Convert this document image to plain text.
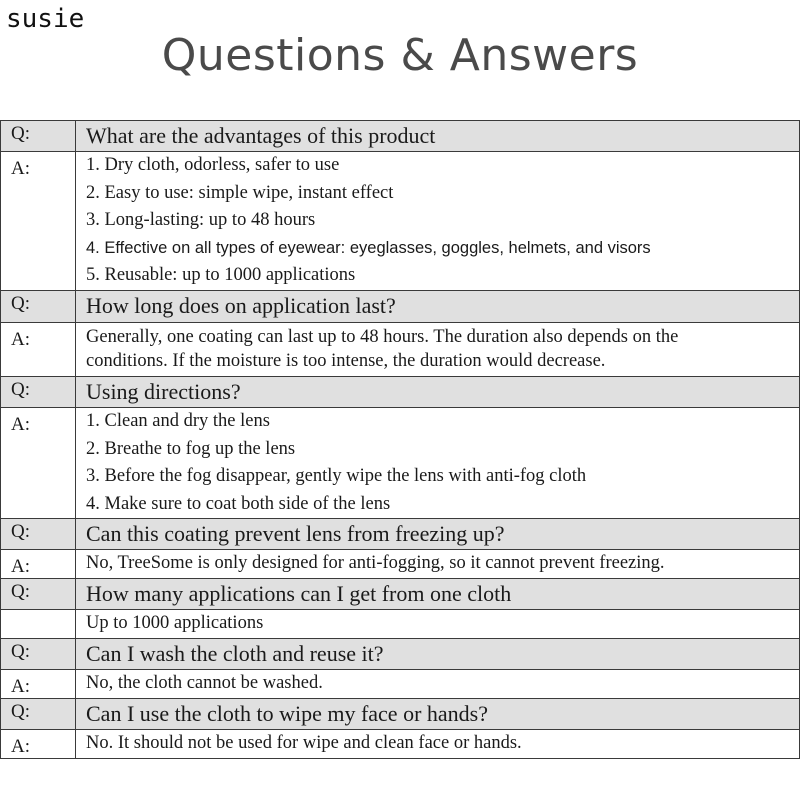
susie
Questions & Answers
Q:	What are the advantages of this product
A:	1. Dry cloth, odorless, safer to use
2. Easy to use: simple wipe, instant effect
3. Long-lasting: up to 48 hours
4. Effective on all types of eyewear: eyeglasses, goggles, helmets, and visors
5. Reusable: up to 1000 applications

Q:	How long does on application last?
A:	Generally, one coating can last up to 48 hours. The duration also depends on the
conditions. If the moisture is too intense, the duration would decrease.

Q:	Using directions?
A:	1. Clean and dry the lens
2. Breathe to fog up the lens
3. Before the fog disappear, gently wipe the lens with anti-fog cloth
4. Make sure to coat both side of the lens

Q:	Can this coating prevent lens from freezing up?
A:	No, TreeSome is only designed for anti-fogging, so it cannot prevent freezing.

Q:	How many applications can I get from one cloth

	Up to 1000 applications

Q:	Can I wash the cloth and reuse it?
A:	No, the cloth cannot be washed.

Q:	Can I use the cloth to wipe my face or hands?
A:	No. It should not be used for wipe and clean face or hands.
